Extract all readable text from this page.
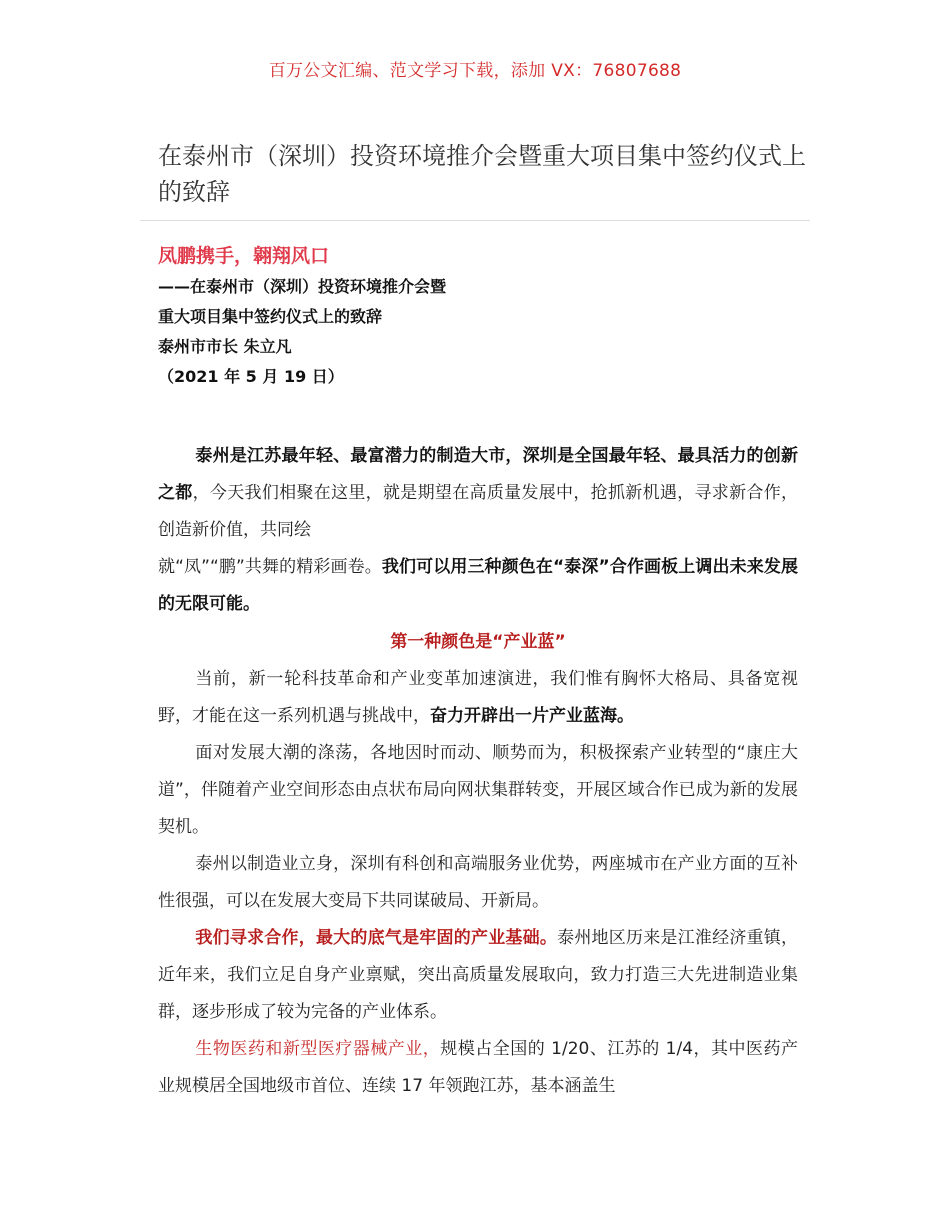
百万公文汇编、范文学习下载，添加 VX：76807688
在泰州市（深圳）投资环境推介会暨重大项目集中签约仪式上的致辞
凤鹏携手，翱翔风口
——在泰州市（深圳）投资环境推介会暨
重大项目集中签约仪式上的致辞
泰州市市长 朱立凡
（2021 年 5 月 19 日）

泰州是江苏最年轻、最富潜力的制造大市，深圳是全国最年轻、最具活力的创新之都，今天我们相聚在这里，就是期望在高质量发展中，抢抓新机遇，寻求新合作，创造新价值，共同绘
就“凤”“鹏”共舞的精彩画卷。我们可以用三种颜色在“泰深”合作画板上调出未来发展的无限可能。

第一种颜色是“产业蓝”

当前，新一轮科技革命和产业变革加速演进，我们惟有胸怀大格局、具备宽视野，才能在这一系列机遇与挑战中，奋力开辟出一片产业蓝海。

面对发展大潮的涤荡，各地因时而动、顺势而为，积极探索产业转型的“康庄大道”，伴随着产业空间形态由点状布局向网状集群转变，开展区域合作已成为新的发展契机。

泰州以制造业立身，深圳有科创和高端服务业优势，两座城市在产业方面的互补性很强，可以在发展大变局下共同谋破局、开新局。

我们寻求合作，最大的底气是牢固的产业基础。泰州地区历来是江淮经济重镇，近年来，我们立足自身产业禀赋，突出高质量发展取向，致力打造三大先进制造业集群，逐步形成了较为完备的产业体系。

生物医药和新型医疗器械产业，规模占全国的 1/20、江苏的 1/4，其中医药产业规模居全国地级市首位、连续 17 年领跑江苏，基本涵盖生
